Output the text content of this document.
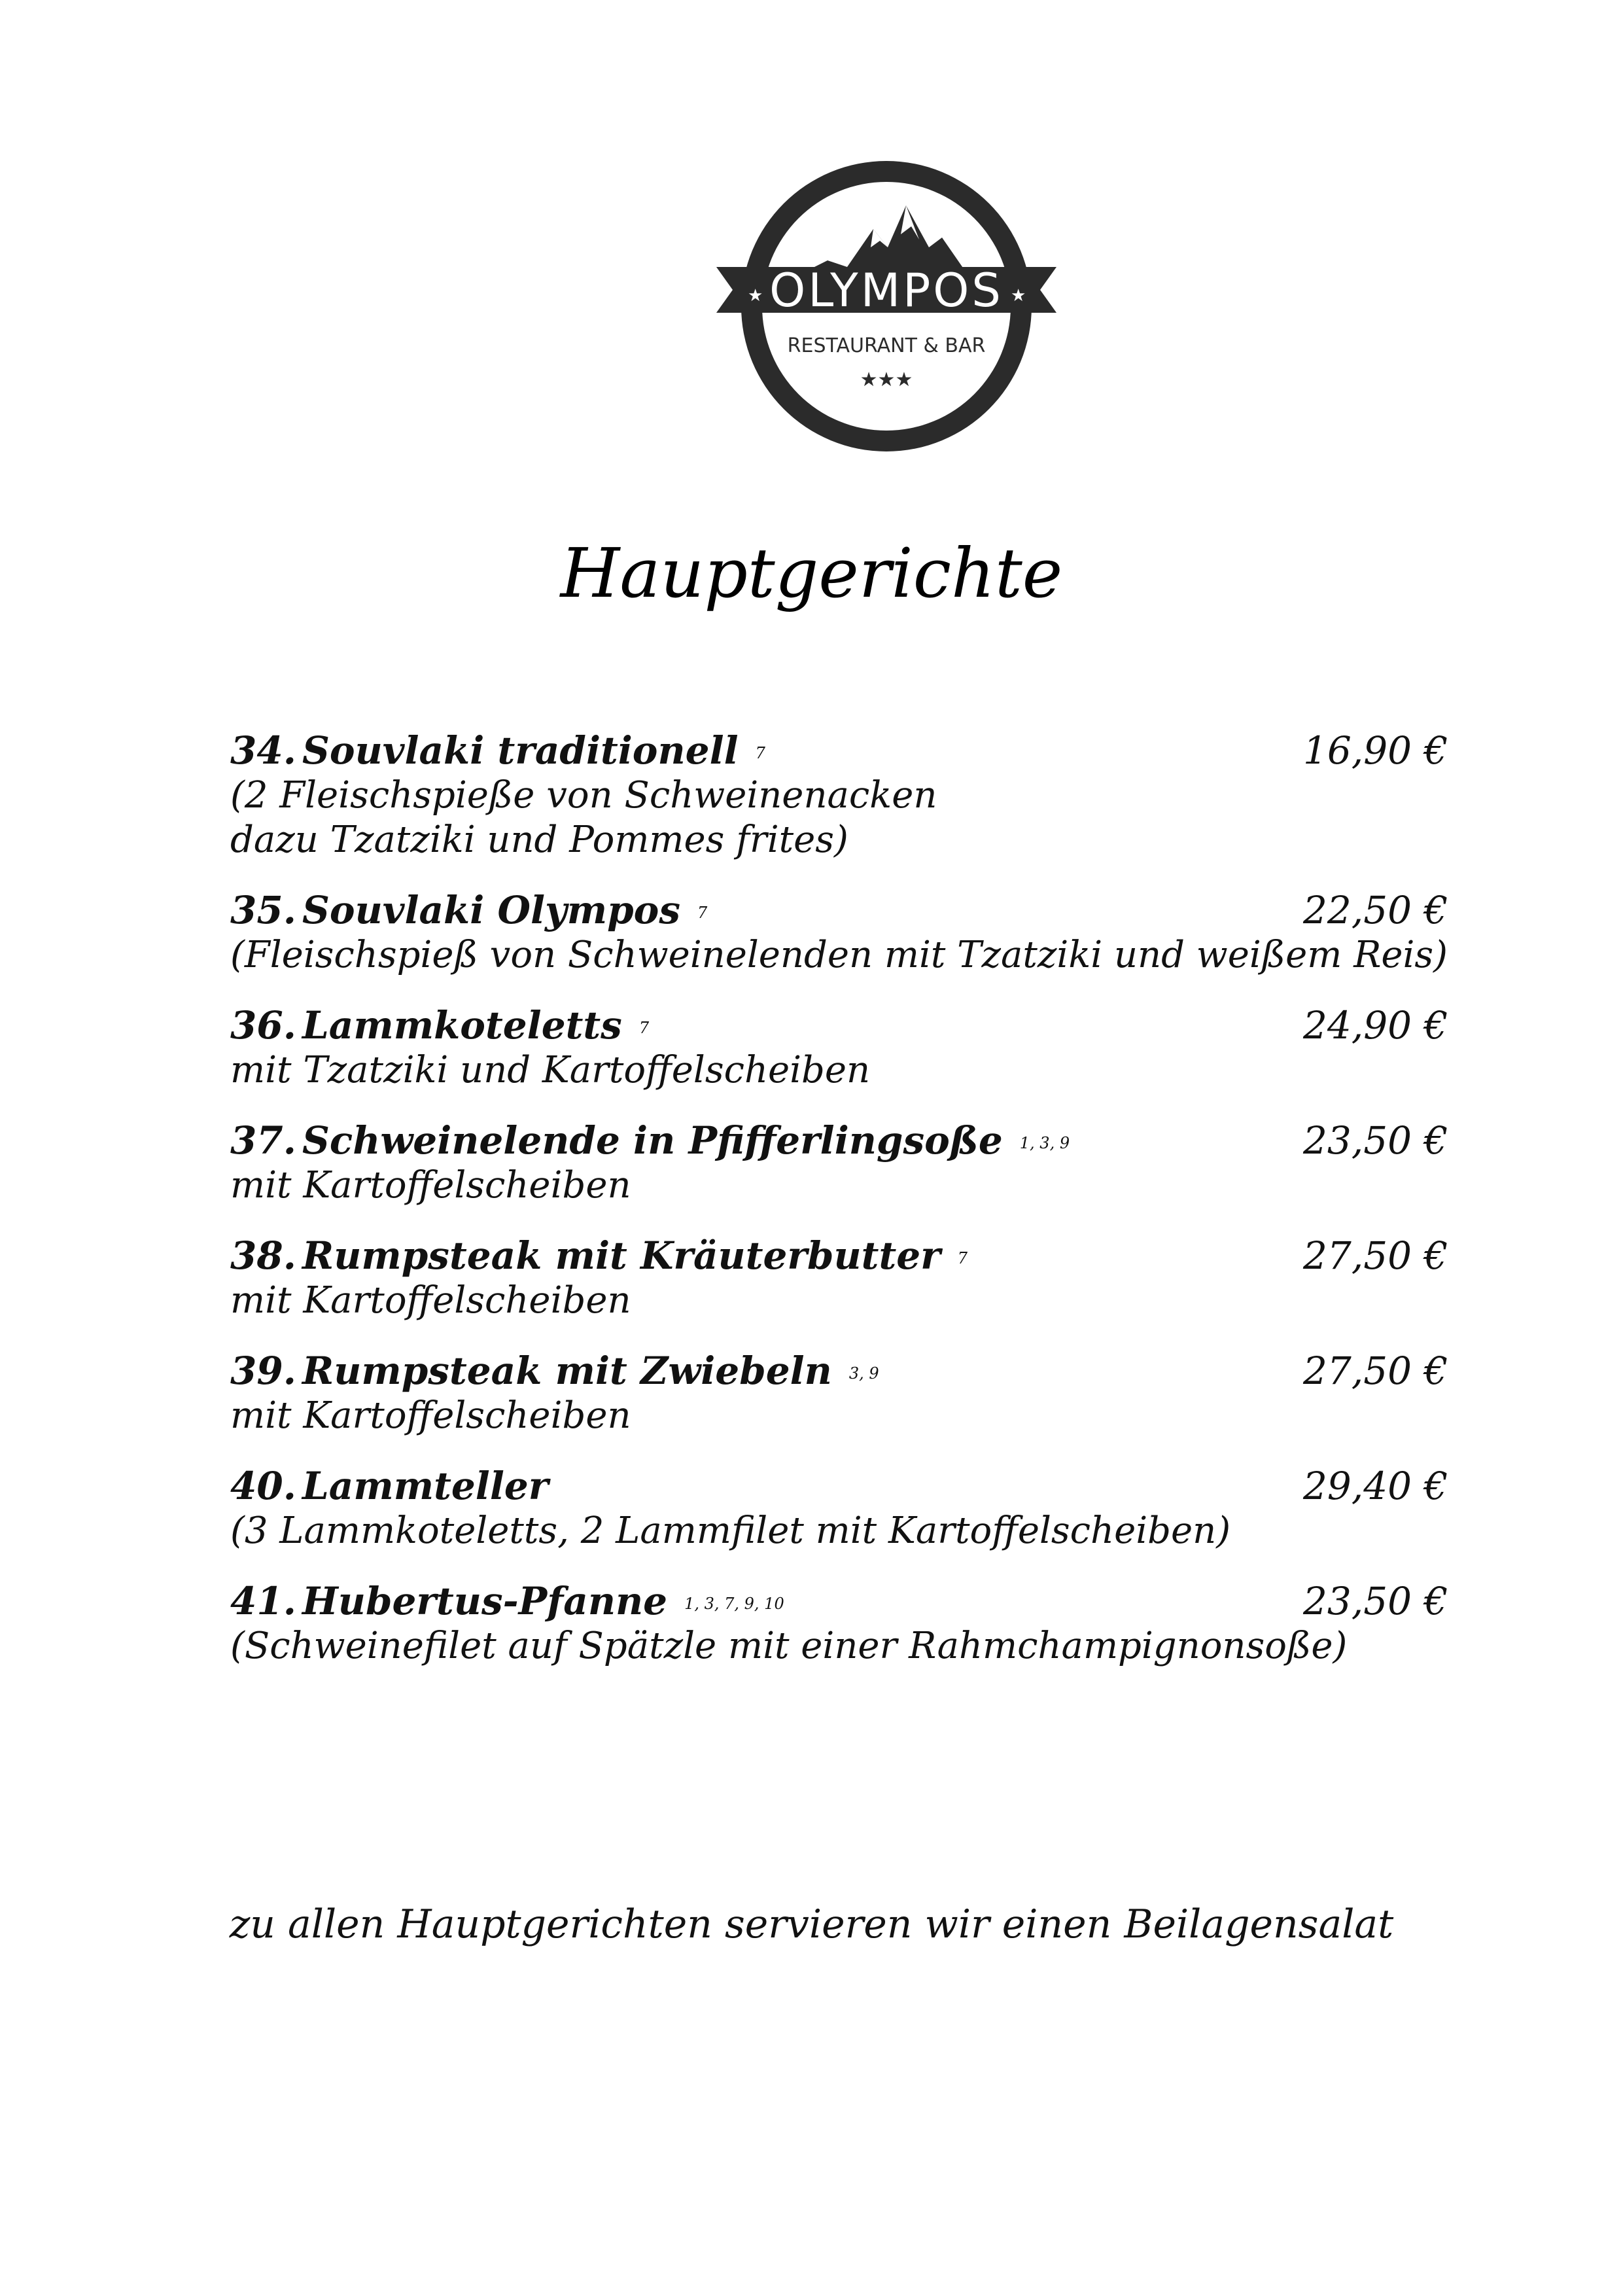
OLYMPOS
★	★
RESTAURANT & BAR
★★★
Hauptgerichte
34. Souvlaki traditionell $^7$	16,90 €
(2 Fleischspieße von Schweinenacken
dazu Tzatziki und Pommes frites)
35. Souvlaki Olympos $^7$	22,50 €
(Fleischspieß von Schweinelenden mit Tzatziki und weißem Reis)
36. Lammkoteletts $^7$	24,90 €
mit Tzatziki und Kartoffelscheiben
37. Schweinelende in Pfifferlingsoße $^{1, 3, 9}$	23,50 €
mit Kartoffelscheiben
38. Rumpsteak mit Kräuterbutter $^7$	27,50 €
mit Kartoffelscheiben
39. Rumpsteak mit Zwiebeln $^{3, 9}$	27,50 €
mit Kartoffelscheiben
40. Lammteller	29,40 €
(3 Lammkoteletts, 2 Lammfilet mit Kartoffelscheiben)
41. Hubertus-Pfanne $^{1, 3, 7, 9, 10}$	23,50 €
(Schweinefilet auf Spätzle mit einer Rahmchampignonsoße)
zu allen Hauptgerichten servieren wir einen Beilagensalat
